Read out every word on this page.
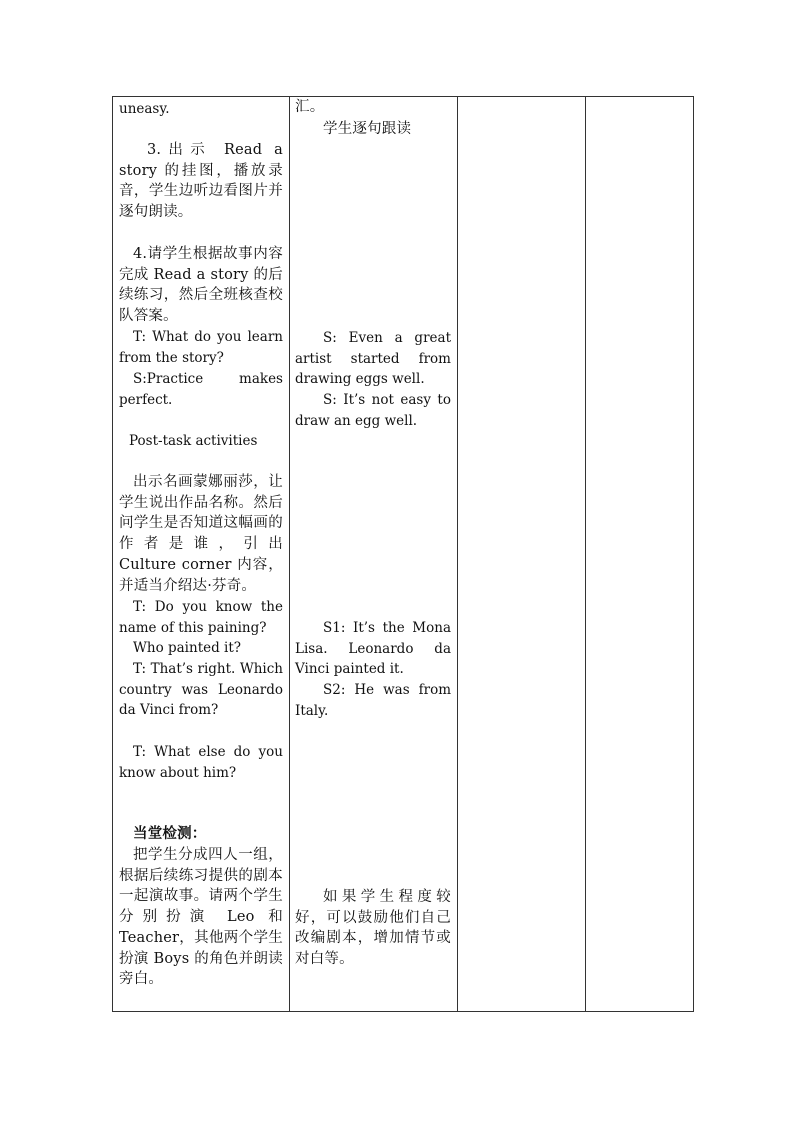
uneasy.
3.出示 Read a story 的挂图，播放录音，学生边听边看图片并逐句朗读。
4.请学生根据故事内容完成 Read a story 的后续练习，然后全班核查校队答案。
T: What do you learn from the story?
S:Practice makes perfect.
Post-task activities
出示名画蒙娜丽莎，让学生说出作品名称。然后问学生是否知道这幅画的作者是谁，引出 Culture corner 内容，并适当介绍达·芬奇。
T: Do you know the name of this paining?
Who painted it?
T: That’s right. Which country was Leonardo da Vinci from?
T: What else do you know about him?
当堂检测：
把学生分成四人一组，根据后续练习提供的剧本一起演故事。请两个学生分别扮演 Leo 和 Teacher，其他两个学生扮演 Boys 的角色并朗读旁白。
汇。
学生逐句跟读
S: Even a great artist started from drawing eggs well.
S: It’s not easy to draw an egg well.
S1: It’s the Mona Lisa. Leonardo da Vinci painted it.
S2: He was from Italy.
如果学生程度较好，可以鼓励他们自己改编剧本，增加情节或对白等。
